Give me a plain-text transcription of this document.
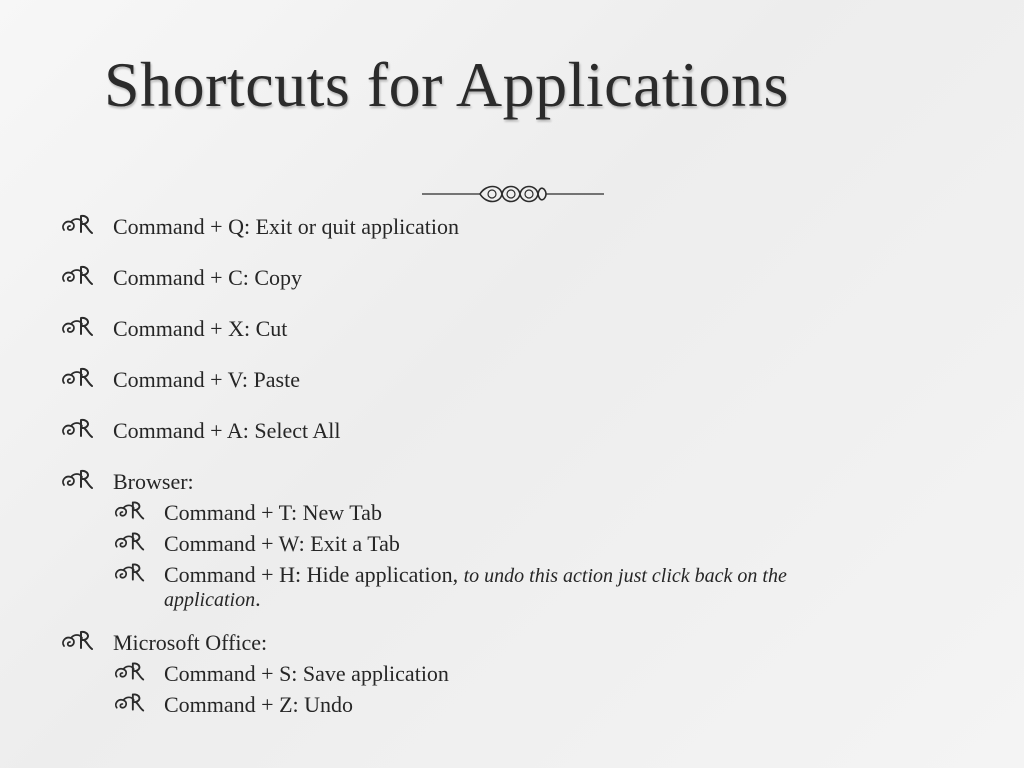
Shortcuts for Applications
Command + Q: Exit or quit application
Command + C: Copy
Command + X: Cut
Command + V: Paste
Command + A: Select All
Browser:
Command + T: New Tab
Command + W: Exit a Tab
Command + H: Hide application, to undo this action just click back on the
application.
Microsoft Office:
Command + S: Save application
Command + Z: Undo
